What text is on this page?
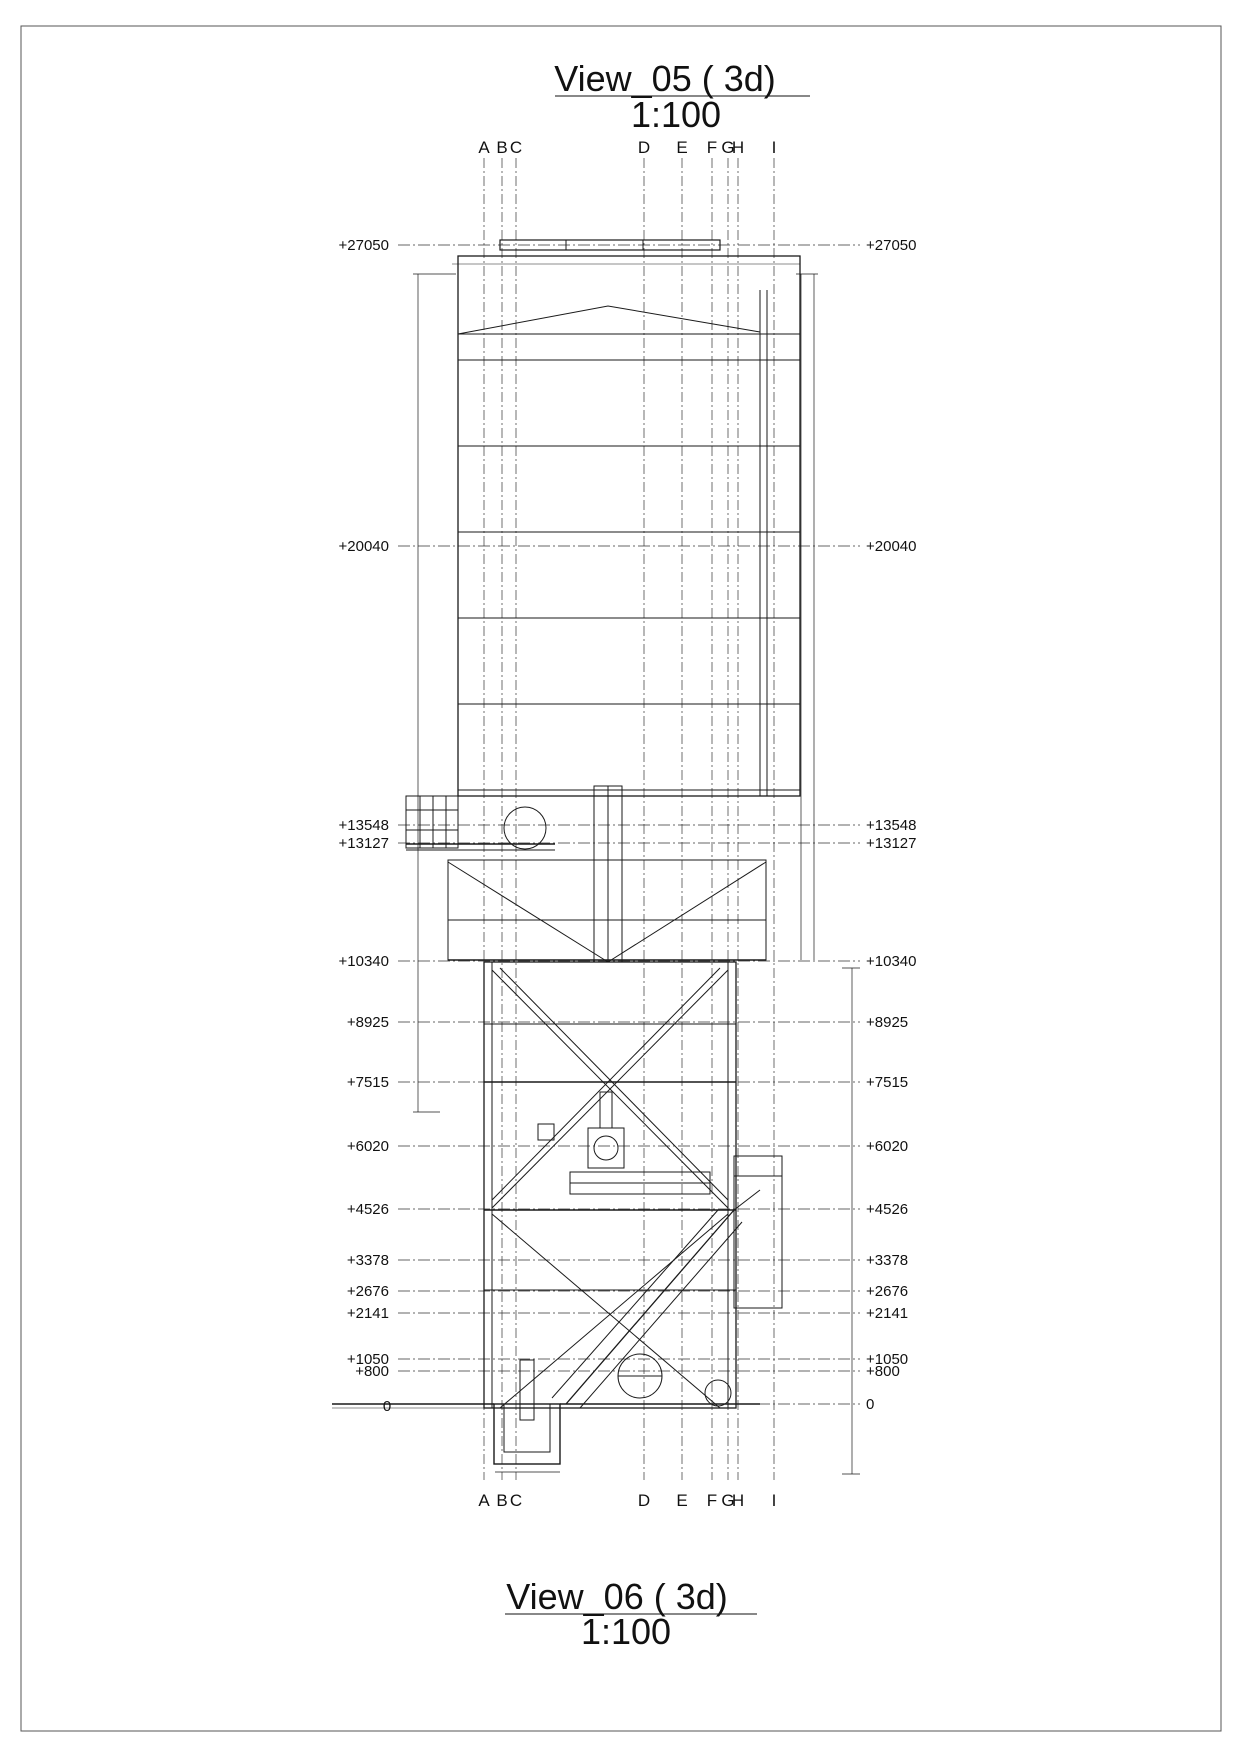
View_05 ( 3d)
1:100
View_06 ( 3d)
1:100
A
A
B
B
C
C
D
D
E
E
F
F
G
G
H
H
I
I
+27050	+27050
+20040	+20040
+13548	+13548
+13127	+13127
+10340	+10340
+8925	+8925
+7515	+7515
+6020	+6020
+4526	+4526
+3378	+3378
+2676	+2676
+2141	+2141
+1050	+1050
+800	+800
0
0
